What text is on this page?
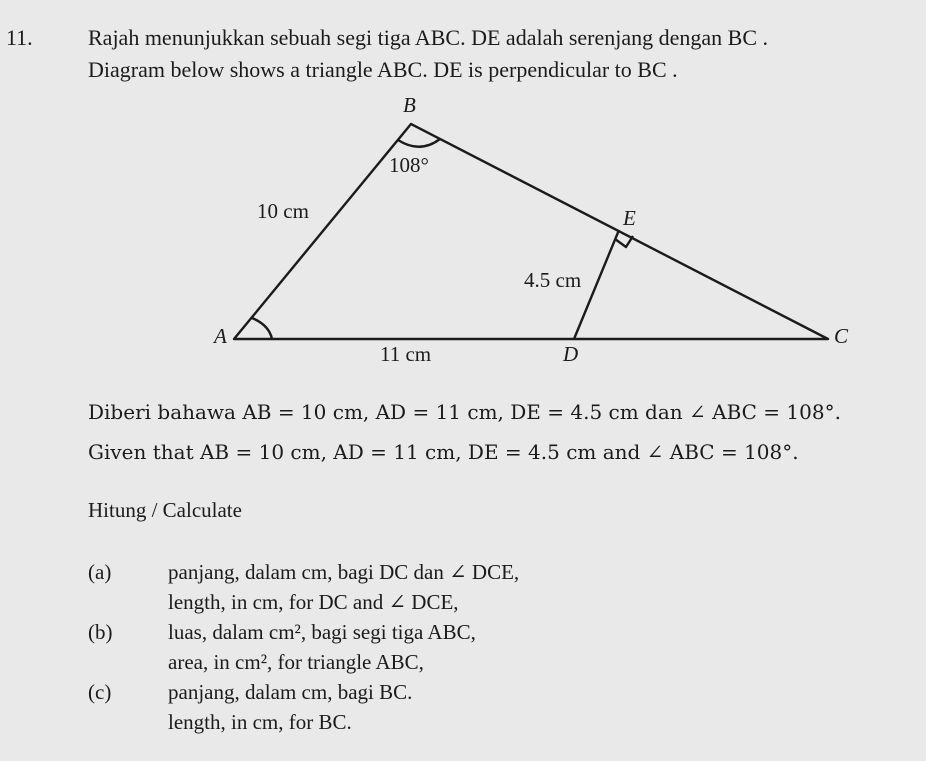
11.	Rajah menunjukkan sebuah segi tiga ABC. DE adalah serenjang dengan BC .
Diagram below shows a triangle ABC. DE is perpendicular to BC .
B
108°
10 cm	E
4.5 cm
A	C
11 cm	D
Diberi bahawa AB = 10 cm, AD = 11 cm, DE = 4.5 cm dan ∠ ABC = 108°.
Given that AB = 10 cm, AD = 11 cm, DE = 4.5 cm and ∠ ABC = 108°.
Hitung / Calculate
(a)	panjang, dalam cm, bagi DC dan ∠ DCE,
length, in cm, for DC and ∠ DCE,
(b)	luas, dalam cm², bagi segi tiga ABC,
area, in cm², for triangle ABC,
(c)	panjang, dalam cm, bagi BC.
length, in cm, for BC.
